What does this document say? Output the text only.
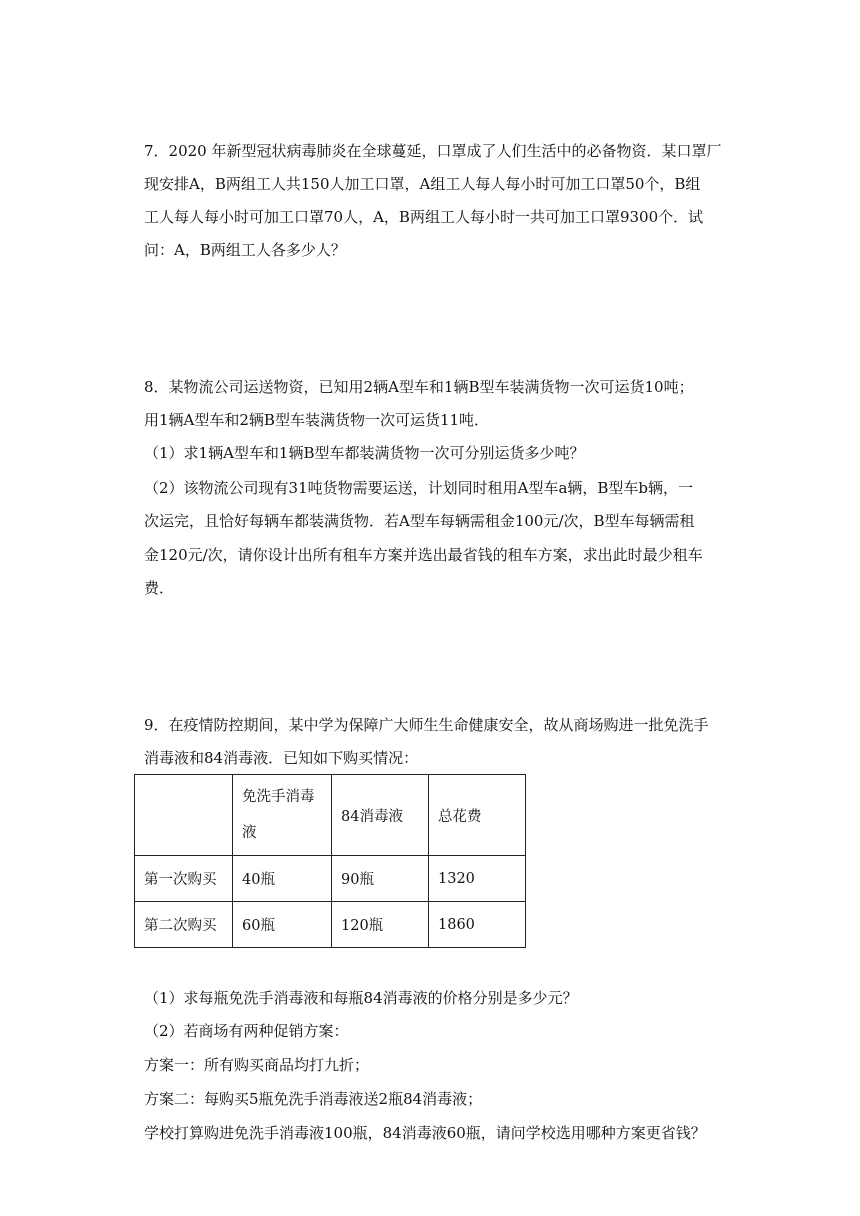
7．2020 年新型冠状病毒肺炎在全球蔓延，口罩成了人们生活中的必备物资．某口罩厂
现安排A，B两组工人共150人加工口罩，A组工人每人每小时可加工口罩50个，B组
工人每人每小时可加工口罩70人，A，B两组工人每小时一共可加工口罩9300个．试
问：A，B两组工人各多少人？
8．某物流公司运送物资，已知用2辆A型车和1辆B型车装满货物一次可运货10吨；
用1辆A型车和2辆B型车装满货物一次可运货11吨．
（1）求1辆A型车和1辆B型车都装满货物一次可分别运货多少吨？
（2）该物流公司现有31吨货物需要运送，计划同时租用A型车a辆，B型车b辆，一
次运完，且恰好每辆车都装满货物．若A型车每辆需租金100元/次，B型车每辆需租
金120元/次，请你设计出所有租车方案并选出最省钱的租车方案，求出此时最少租车
费．
9．在疫情防控期间，某中学为保障广大师生生命健康安全，故从商场购进一批免洗手
消毒液和84消毒液．已知如下购买情况：

	免洗手消毒液	84消毒液	总花费
第一次购买	40瓶	90瓶	1320
第二次购买	60瓶	120瓶	1860
（1）求每瓶免洗手消毒液和每瓶84消毒液的价格分别是多少元？
（2）若商场有两种促销方案：
方案一：所有购买商品均打九折；
方案二：每购买5瓶免洗手消毒液送2瓶84消毒液；
学校打算购进免洗手消毒液100瓶，84消毒液60瓶，请问学校选用哪种方案更省钱？
